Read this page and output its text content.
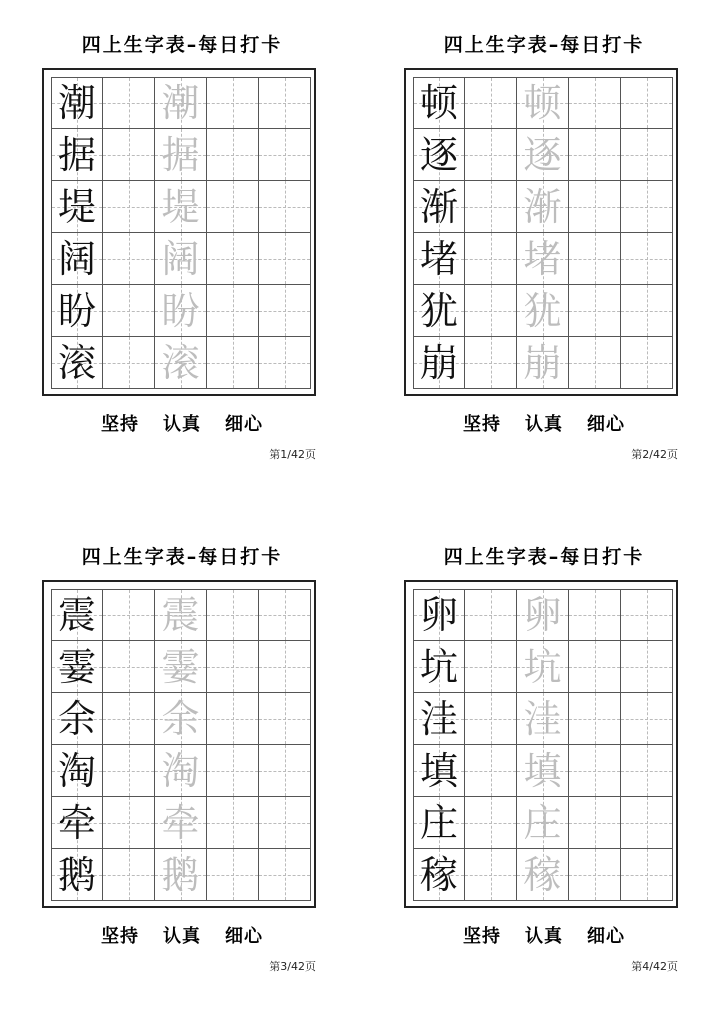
四上生字表–每日打卡
潮 潮
据 据
堤 堤
阔 阔
盼 盼
滚 滚
坚持 认真 细心
第1/42页
四上生字表–每日打卡
顿 顿
逐 逐
渐 渐
堵 堵
犹 犹
崩 崩
坚持 认真 细心
第2/42页
四上生字表–每日打卡
震 震
霎 霎
余 余
淘 淘
牵 牵
鹅 鹅
坚持 认真 细心
第3/42页
四上生字表–每日打卡
卵 卵
坑 坑
洼 洼
填 填
庄 庄
稼 稼
坚持 认真 细心
第4/42页
